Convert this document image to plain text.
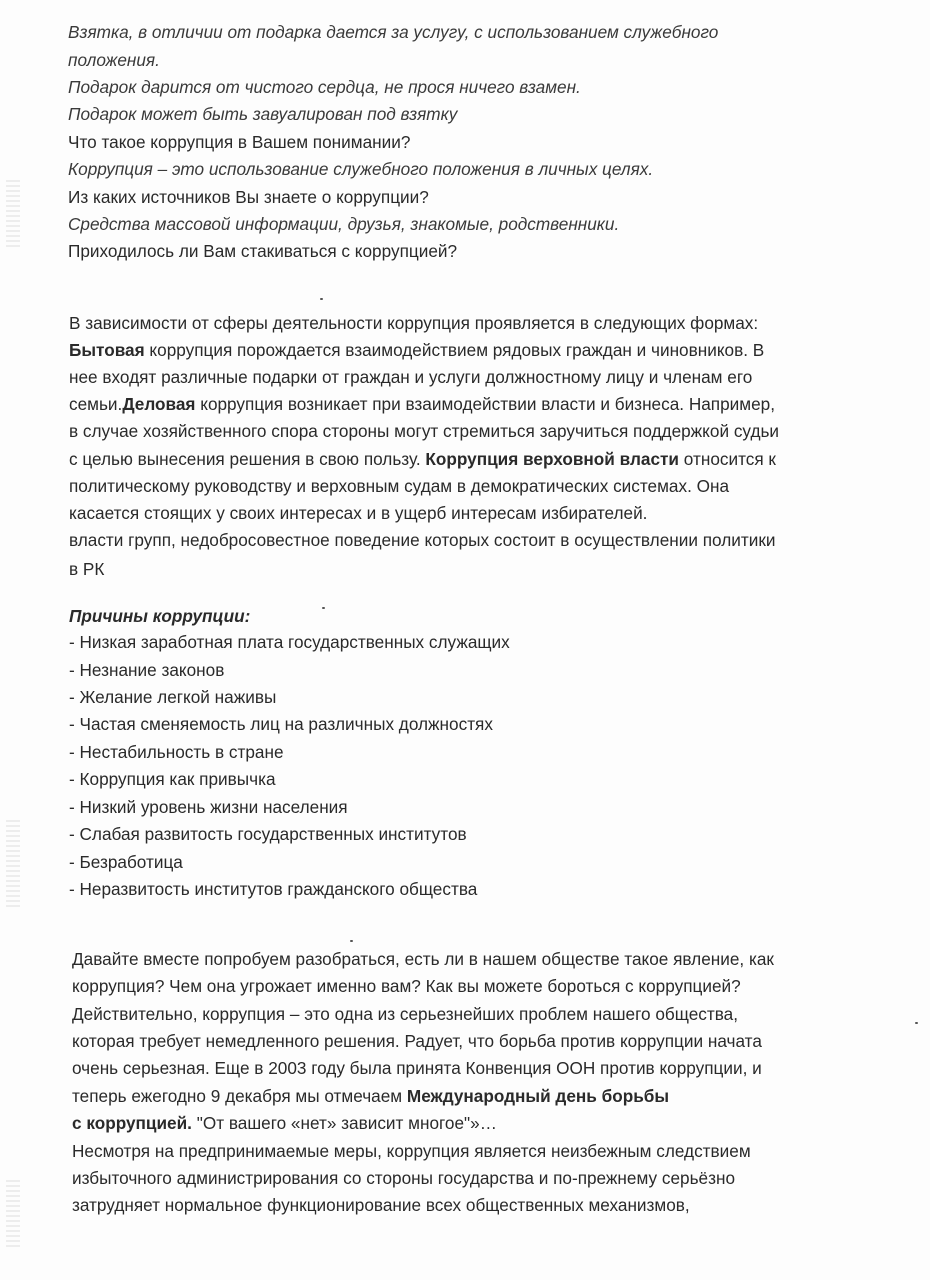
Взятка, в отличии от подарка дается за услугу, с использованием служебного
положения.
Подарок дарится от чистого сердца, не прося ничего взамен.
Подарок может быть завуалирован под взятку
Что такое коррупция в Вашем понимании?
Коррупция – это использование служебного положения в личных целях.
Из каких источников Вы знаете о коррупции?
Средства массовой информации, друзья, знакомые, родственники.
Приходилось ли Вам стакиваться с коррупцией?
В зависимости от сферы деятельности коррупция проявляется в следующих формах:
Бытовая коррупция порождается взаимодействием рядовых граждан и чиновников. В
нее входят различные подарки от граждан и услуги должностному лицу и членам его
семьи.Деловая коррупция возникает при взаимодействии власти и бизнеса. Например,
в случае хозяйственного спора стороны могут стремиться заручиться поддержкой судьи
с целью вынесения решения в свою пользу. Коррупция верховной власти относится к
политическому руководству и верховным судам в демократических системах. Она
касается стоящих у своих интересах и в ущерб интересам избирателей.
власти групп, недобросовестное поведение которых состоит в осуществлении политики
в РК
Причины коррупции:
- Низкая заработная плата государственных служащих
- Незнание законов
- Желание легкой наживы
- Частая сменяемость лиц на различных должностях
- Нестабильность в стране
- Коррупция как привычка
- Низкий уровень жизни населения
- Слабая развитость государственных институтов
- Безработица
- Неразвитость институтов гражданского общества
Давайте вместе попробуем разобраться, есть ли в нашем обществе такое явление, как
коррупция? Чем она угрожает именно вам? Как вы можете бороться с коррупцией?
Действительно, коррупция – это одна из серьезнейших проблем нашего общества,
которая требует немедленного решения. Радует, что борьба против коррупции начата
очень серьезная. Еще в 2003 году была принята Конвенция ООН против коррупции, и
теперь ежегодно 9 декабря мы отмечаем Международный день борьбы
с коррупцией. "От вашего «нет» зависит многое"»…
Несмотря на предпринимаемые меры, коррупция является неизбежным следствием
избыточного администрирования со стороны государства и по-прежнему серьёзно
затрудняет нормальное функционирование всех общественных механизмов,
